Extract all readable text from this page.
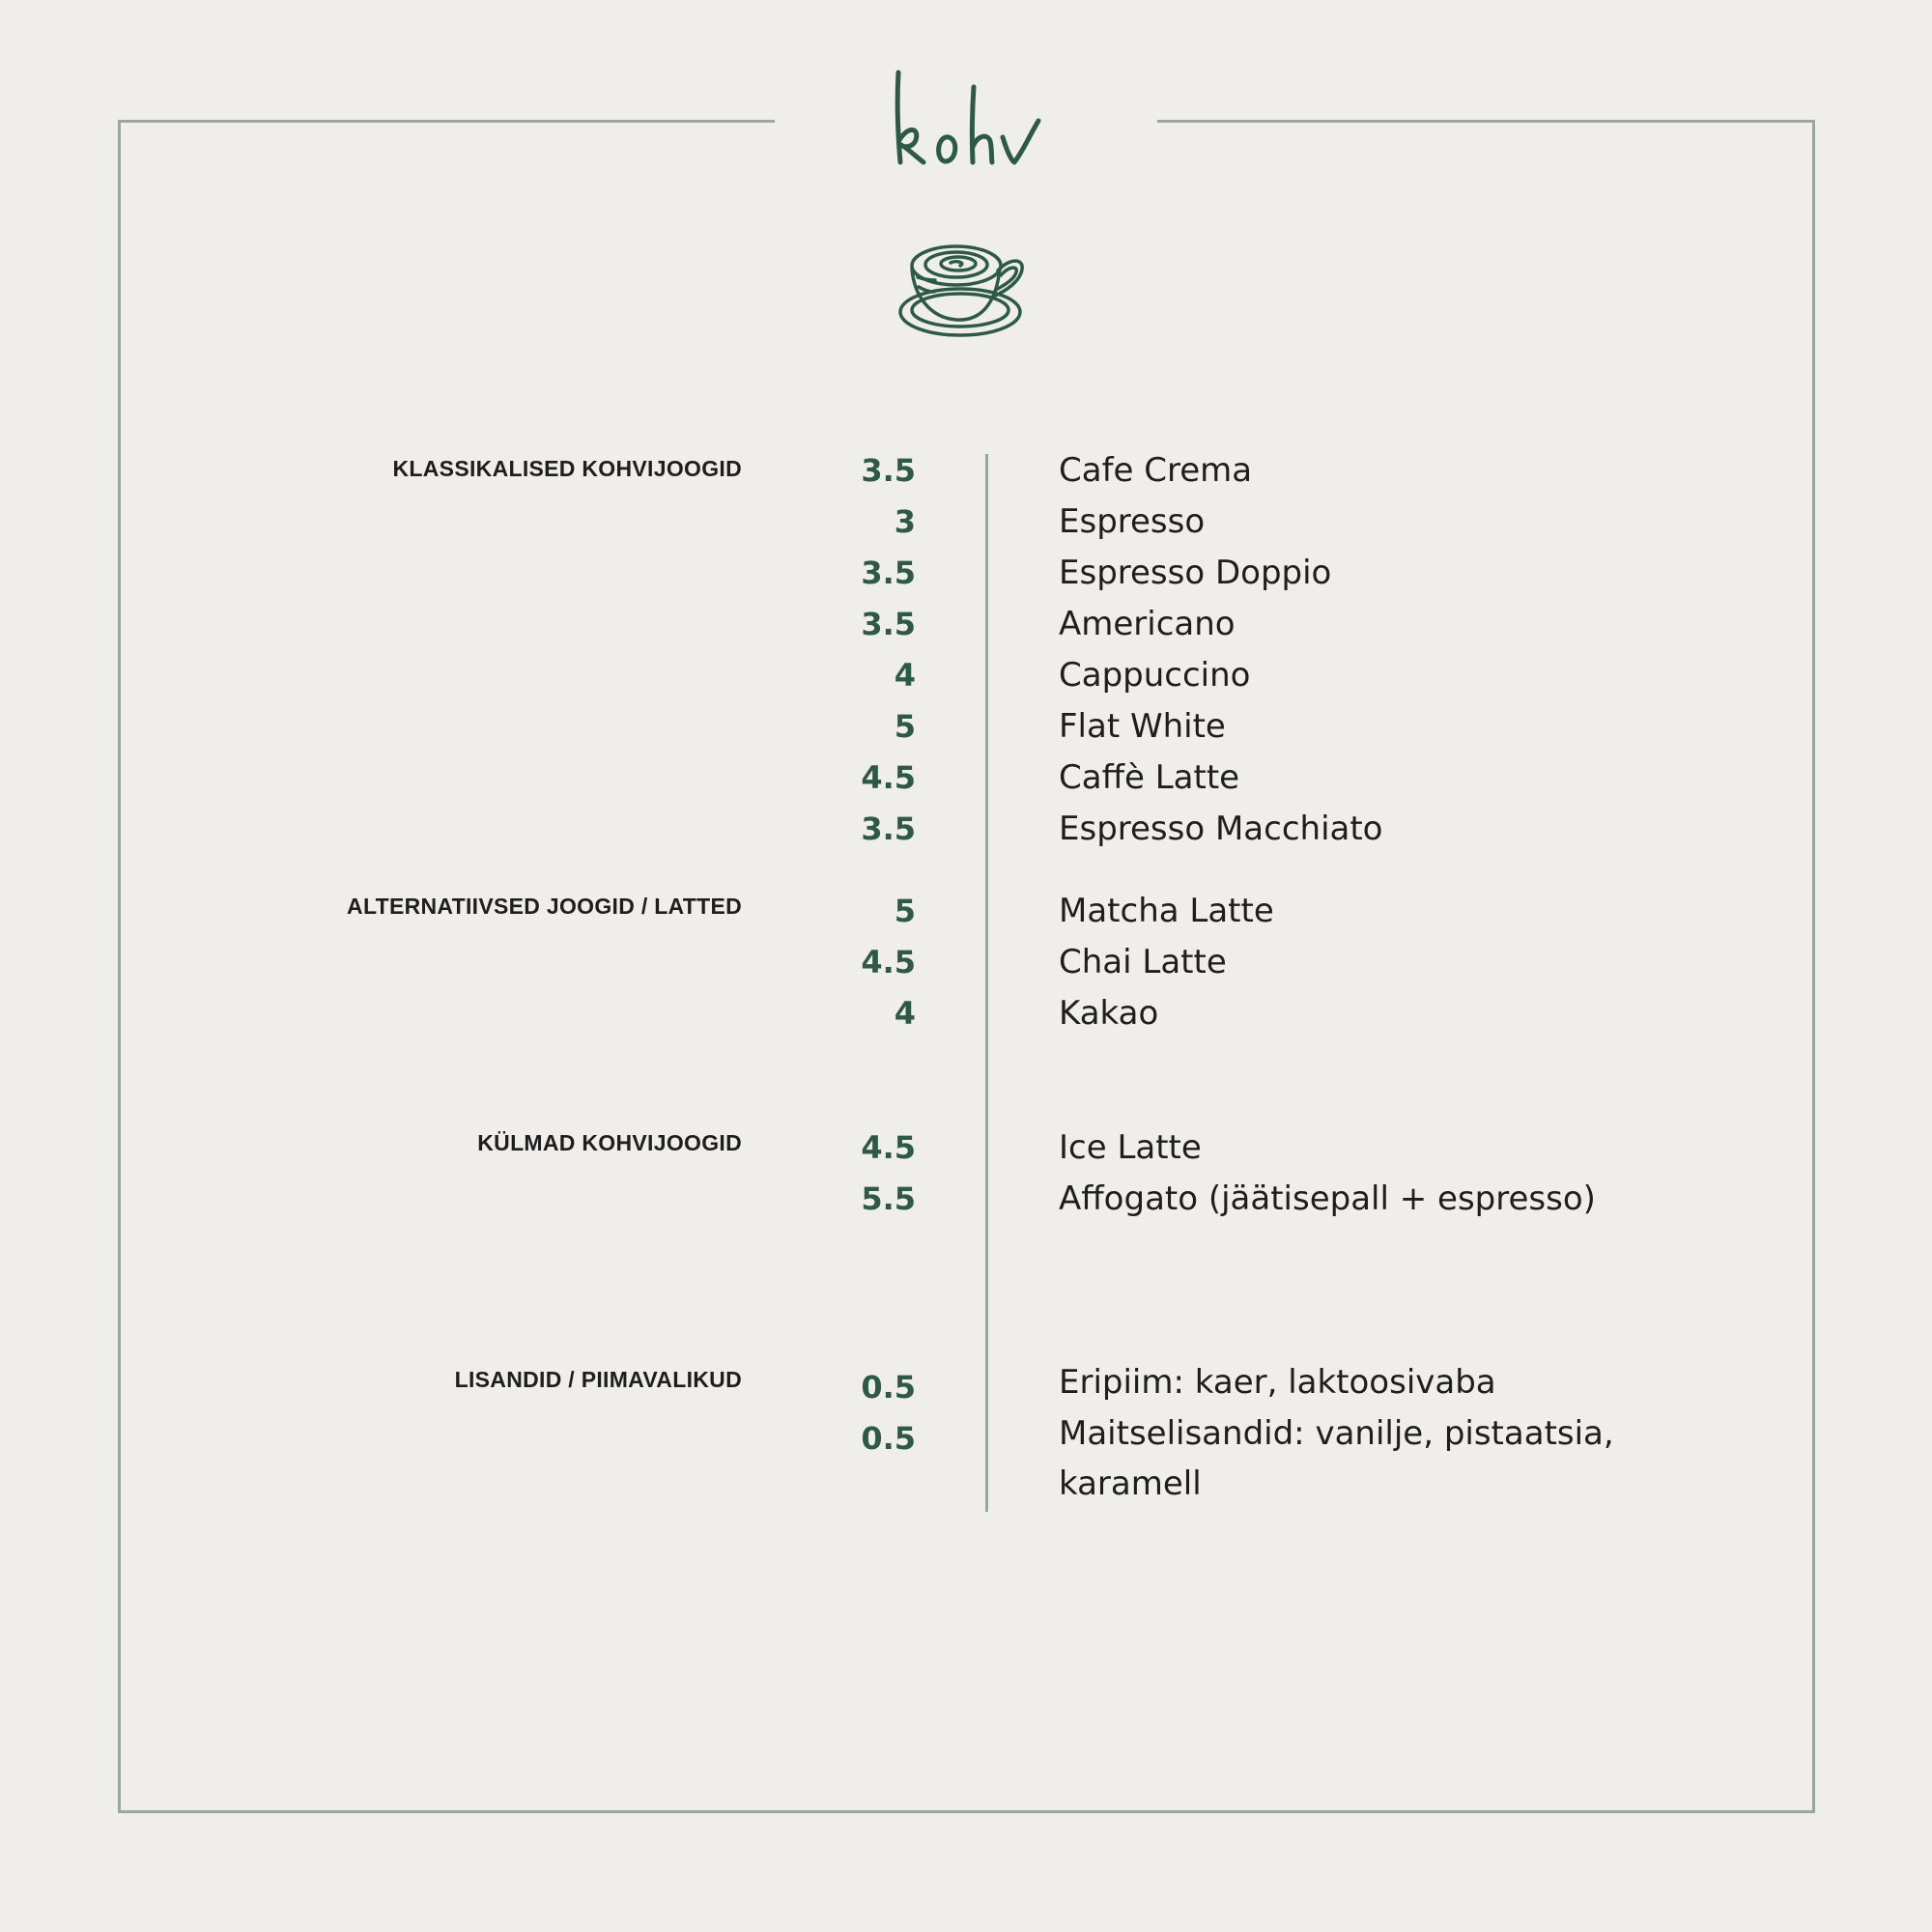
KLASSIKALISED KOHVIJOOGID	3.5	Cafe Crema
3	Espresso
3.5	Espresso Doppio
3.5	Americano
4	Cappuccino
5	Flat White
4.5	Caffè Latte
3.5	Espresso Macchiato
ALTERNATIIVSED JOOGID / LATTED	5	Matcha Latte
4.5	Chai Latte
4	Kakao
KÜLMAD KOHVIJOOGID	4.5	Ice Latte
5.5	Affogato (jäätisepall + espresso)
LISANDID / PIIMAVALIKUD	0.5	Eripiim: kaer, laktoosivaba
0.5	Maitselisandid: vanilje, pistaatsia,
karamell
